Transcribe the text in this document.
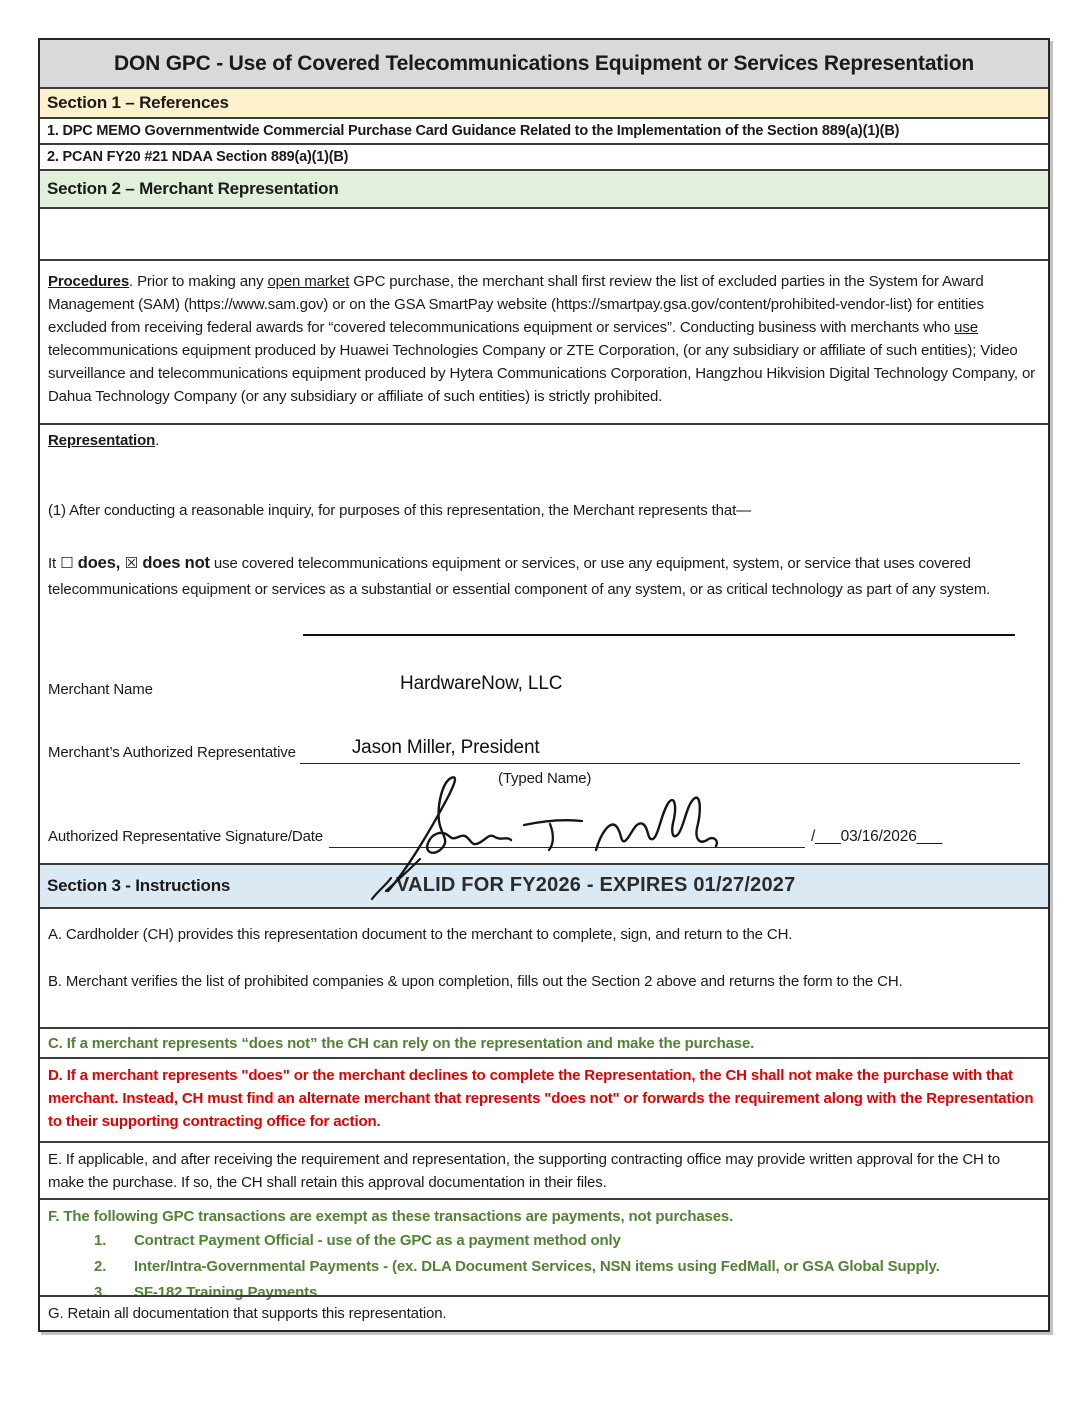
DON GPC - Use of Covered Telecommunications Equipment or Services Representation
Section 1 – References
1. DPC MEMO Governmentwide Commercial Purchase Card Guidance Related to the Implementation of the Section 889(a)(1)(B)
2. PCAN FY20 #21 NDAA Section 889(a)(1)(B)
Section 2 – Merchant Representation
Procedures. Prior to making any open market GPC purchase, the merchant shall first review the list of excluded parties in the System for Award Management (SAM) (https://www.sam.gov) or on the GSA SmartPay website (https://smartpay.gsa.gov/content/prohibited-vendor-list) for entities excluded from receiving federal awards for “covered telecommunications equipment or services”. Conducting business with merchants who use telecommunications equipment produced by Huawei Technologies Company or ZTE Corporation, (or any subsidiary or affiliate of such entities); Video surveillance and telecommunications equipment produced by Hytera Communications Corporation, Hangzhou Hikvision Digital Technology Company, or Dahua Technology Company (or any subsidiary or affiliate of such entities) is strictly prohibited.
Representation.
(1) After conducting a reasonable inquiry, for purposes of this representation, the Merchant represents that—
It ☐ does, ☒ does not use covered telecommunications equipment or services, or use any equipment, system, or service that uses covered telecommunications equipment or services as a substantial or essential component of any system, or as critical technology as part of any system.
Merchant Name	HardwareNow, LLC
Merchant’s Authorized Representative	Jason Miller, President
(Typed Name)
Authorized Representative Signature/Date	/___03/16/2026___
Section 3 - Instructions	VALID FOR FY2026 - EXPIRES 01/27/2027
A. Cardholder (CH) provides this representation document to the merchant to complete, sign, and return to the CH.
B. Merchant verifies the list of prohibited companies & upon completion, fills out the Section 2 above and returns the form to the CH.
C. If a merchant represents “does not” the CH can rely on the representation and make the purchase.
D. If a merchant represents "does" or the merchant declines to complete the Representation, the CH shall not make the purchase with that merchant. Instead, CH must find an alternate merchant that represents "does not" or forwards the requirement along with the Representation to their supporting contracting office for action.
E. If applicable, and after receiving the requirement and representation, the supporting contracting office may provide written approval for the CH to make the purchase. If so, the CH shall retain this approval documentation in their files.
F. The following GPC transactions are exempt as these transactions are payments, not purchases.
1.	Contract Payment Official - use of the GPC as a payment method only
2.	Inter/Intra-Governmental Payments - (ex. DLA Document Services, NSN items using FedMall, or GSA Global Supply.
3.	SF-182 Training Payments
G. Retain all documentation that supports this representation.
